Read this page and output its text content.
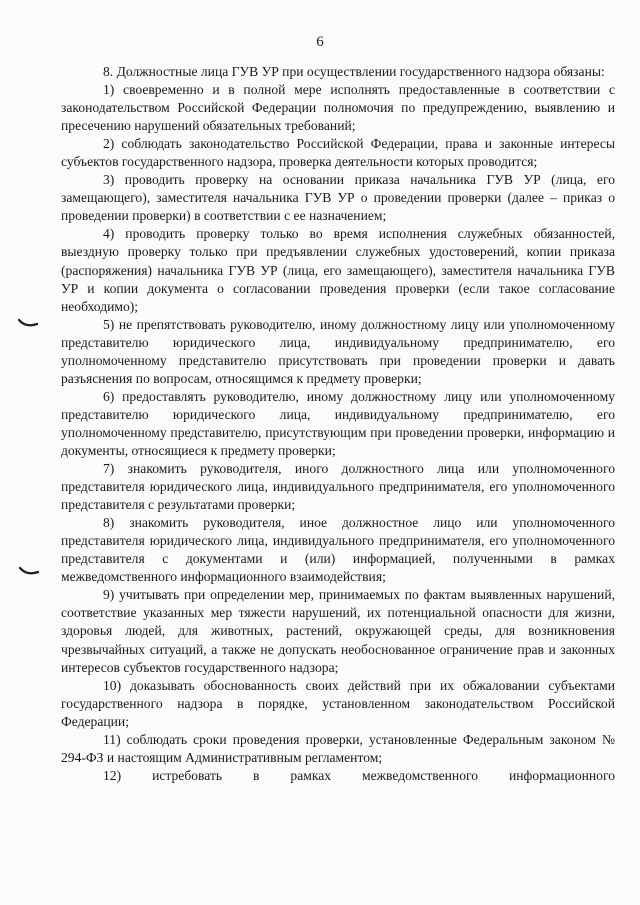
6

8. Должностные лица ГУВ УР при осуществлении государственного надзора обязаны:

1) своевременно и в полной мере исполнять предоставленные в соответствии с законодательством Российской Федерации полномочия по предупреждению, выявлению и пресечению нарушений обязательных требований;

2) соблюдать законодательство Российской Федерации, права и законные интересы субъектов государственного надзора, проверка деятельности которых проводится;

3) проводить проверку на основании приказа начальника ГУВ УР (лица, его замещающего), заместителя начальника ГУВ УР о проведении проверки (далее – приказ о проведении проверки) в соответствии с ее назначением;

4) проводить проверку только во время исполнения служебных обязанностей, выездную проверку только при предъявлении служебных удостоверений, копии приказа (распоряжения) начальника ГУВ УР (лица, его замещающего), заместителя начальника ГУВ УР и копии документа о согласовании проведения проверки (если такое согласование необходимо);

5) не препятствовать руководителю, иному должностному лицу или уполномоченному представителю юридического лица, индивидуальному предпринимателю, его уполномоченному представителю присутствовать при проведении проверки и давать разъяснения по вопросам, относящимся к предмету проверки;

6) предоставлять руководителю, иному должностному лицу или уполномоченному представителю юридического лица, индивидуальному предпринимателю, его уполномоченному представителю, присутствующим при проведении проверки, информацию и документы, относящиеся к предмету проверки;

7) знакомить руководителя, иного должностного лица или уполномоченного представителя юридического лица, индивидуального предпринимателя, его уполномоченного представителя с результатами проверки;

8) знакомить руководителя, иное должностное лицо или уполномоченного представителя юридического лица, индивидуального предпринимателя, его уполномоченного представителя с документами и (или) информацией, полученными в рамках межведомственного информационного взаимодействия;

9) учитывать при определении мер, принимаемых по фактам выявленных нарушений, соответствие указанных мер тяжести нарушений, их потенциальной опасности для жизни, здоровья людей, для животных, растений, окружающей среды, для возникновения чрезвычайных ситуаций, а также не допускать необоснованное ограничение прав и законных интересов субъектов государственного надзора;

10) доказывать обоснованность своих действий при их обжаловании субъектами государственного надзора в порядке, установленном законодательством Российской Федерации;

11) соблюдать сроки проведения проверки, установленные Федеральным законом № 294-ФЗ и настоящим Административным регламентом;

12) истребовать в рамках межведомственного информационного
